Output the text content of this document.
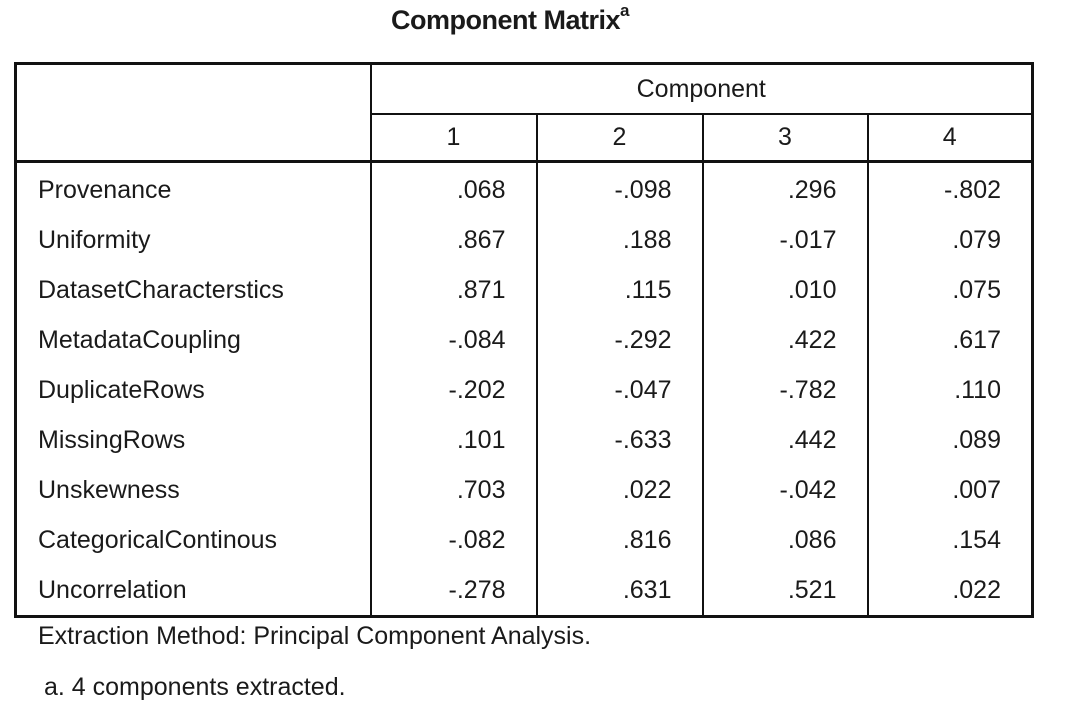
Component Matrix$^a$
	Component			
	1	2	3	4
Provenance	.068	-.098	.296	-.802
Uniformity	.867	.188	-.017	.079
DatasetCharacterstics	.871	.115	.010	.075
MetadataCoupling	-.084	-.292	.422	.617
DuplicateRows	-.202	-.047	-.782	.110
MissingRows	.101	-.633	.442	.089
Unskewness	.703	.022	-.042	.007
CategoricalContinous	-.082	.816	.086	.154
Uncorrelation	-.278	.631	.521	.022
Extraction Method: Principal Component Analysis.
a. 4 components extracted.
